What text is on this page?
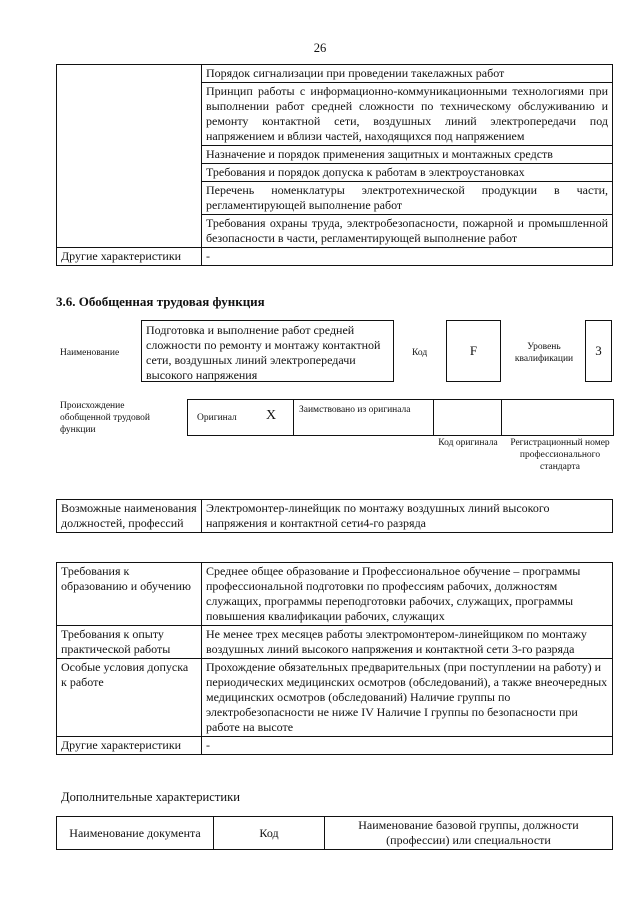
26
	Порядок сигнализации при проведении такелажных работ
	Принцип работы с информационно-коммуникационными технологиями при выполнении работ средней сложности по техническому обслуживанию и ремонту контактной сети, воздушных линий электропередачи под напряжением и вблизи частей, находящихся под напряжением
	Назначение и порядок применения защитных и монтажных средств
	Требования и порядок допуска к работам в электроустановках
	Перечень номенклатуры электротехнической продукции в части, регламентирующей выполнение работ
	Требования охраны труда, электробезопасности, пожарной и промышленной безопасности в части, регламентирующей выполнение работ
Другие характеристики	-
3.6. Обобщенная трудовая функция
Наименование
Подготовка и выполнение работ средней сложности по ремонту и монтажу контактной сети, воздушных линий электропередачи высокого напряжения
Код	F	Уровень квалификации
3
Происхождение обобщенной трудовой функции
Оригинал X Заимствовано из оригинала
Код оригинала Регистрационный номер профессионального стандарта
Возможные наименования должностей, профессий	Электромонтер-линейщик по монтажу воздушных линий высокого напряжения и контактной сети4-го разряда
Требования к образованию и обучению	Среднее общее образование и Профессиональное обучение – программы профессиональной подготовки по профессиям рабочих, должностям служащих, программы переподготовки рабочих, служащих, программы повышения квалификации рабочих, служащих
Требования к опыту практической работы	Не менее трех месяцев работы электромонтером-линейщиком по монтажу воздушных линий высокого напряжения и контактной сети 3-го разряда
Особые условия допуска к работе	Прохождение обязательных предварительных (при поступлении на работу) и периодических медицинских осмотров (обследований), а также внеочередных медицинских осмотров (обследований) Наличие группы по электробезопасности не ниже IV Наличие I группы по безопасности при работе на высоте
Другие характеристики	-
Дополнительные характеристики
Наименование документа	Код	Наименование базовой группы, должности (профессии) или специальности
